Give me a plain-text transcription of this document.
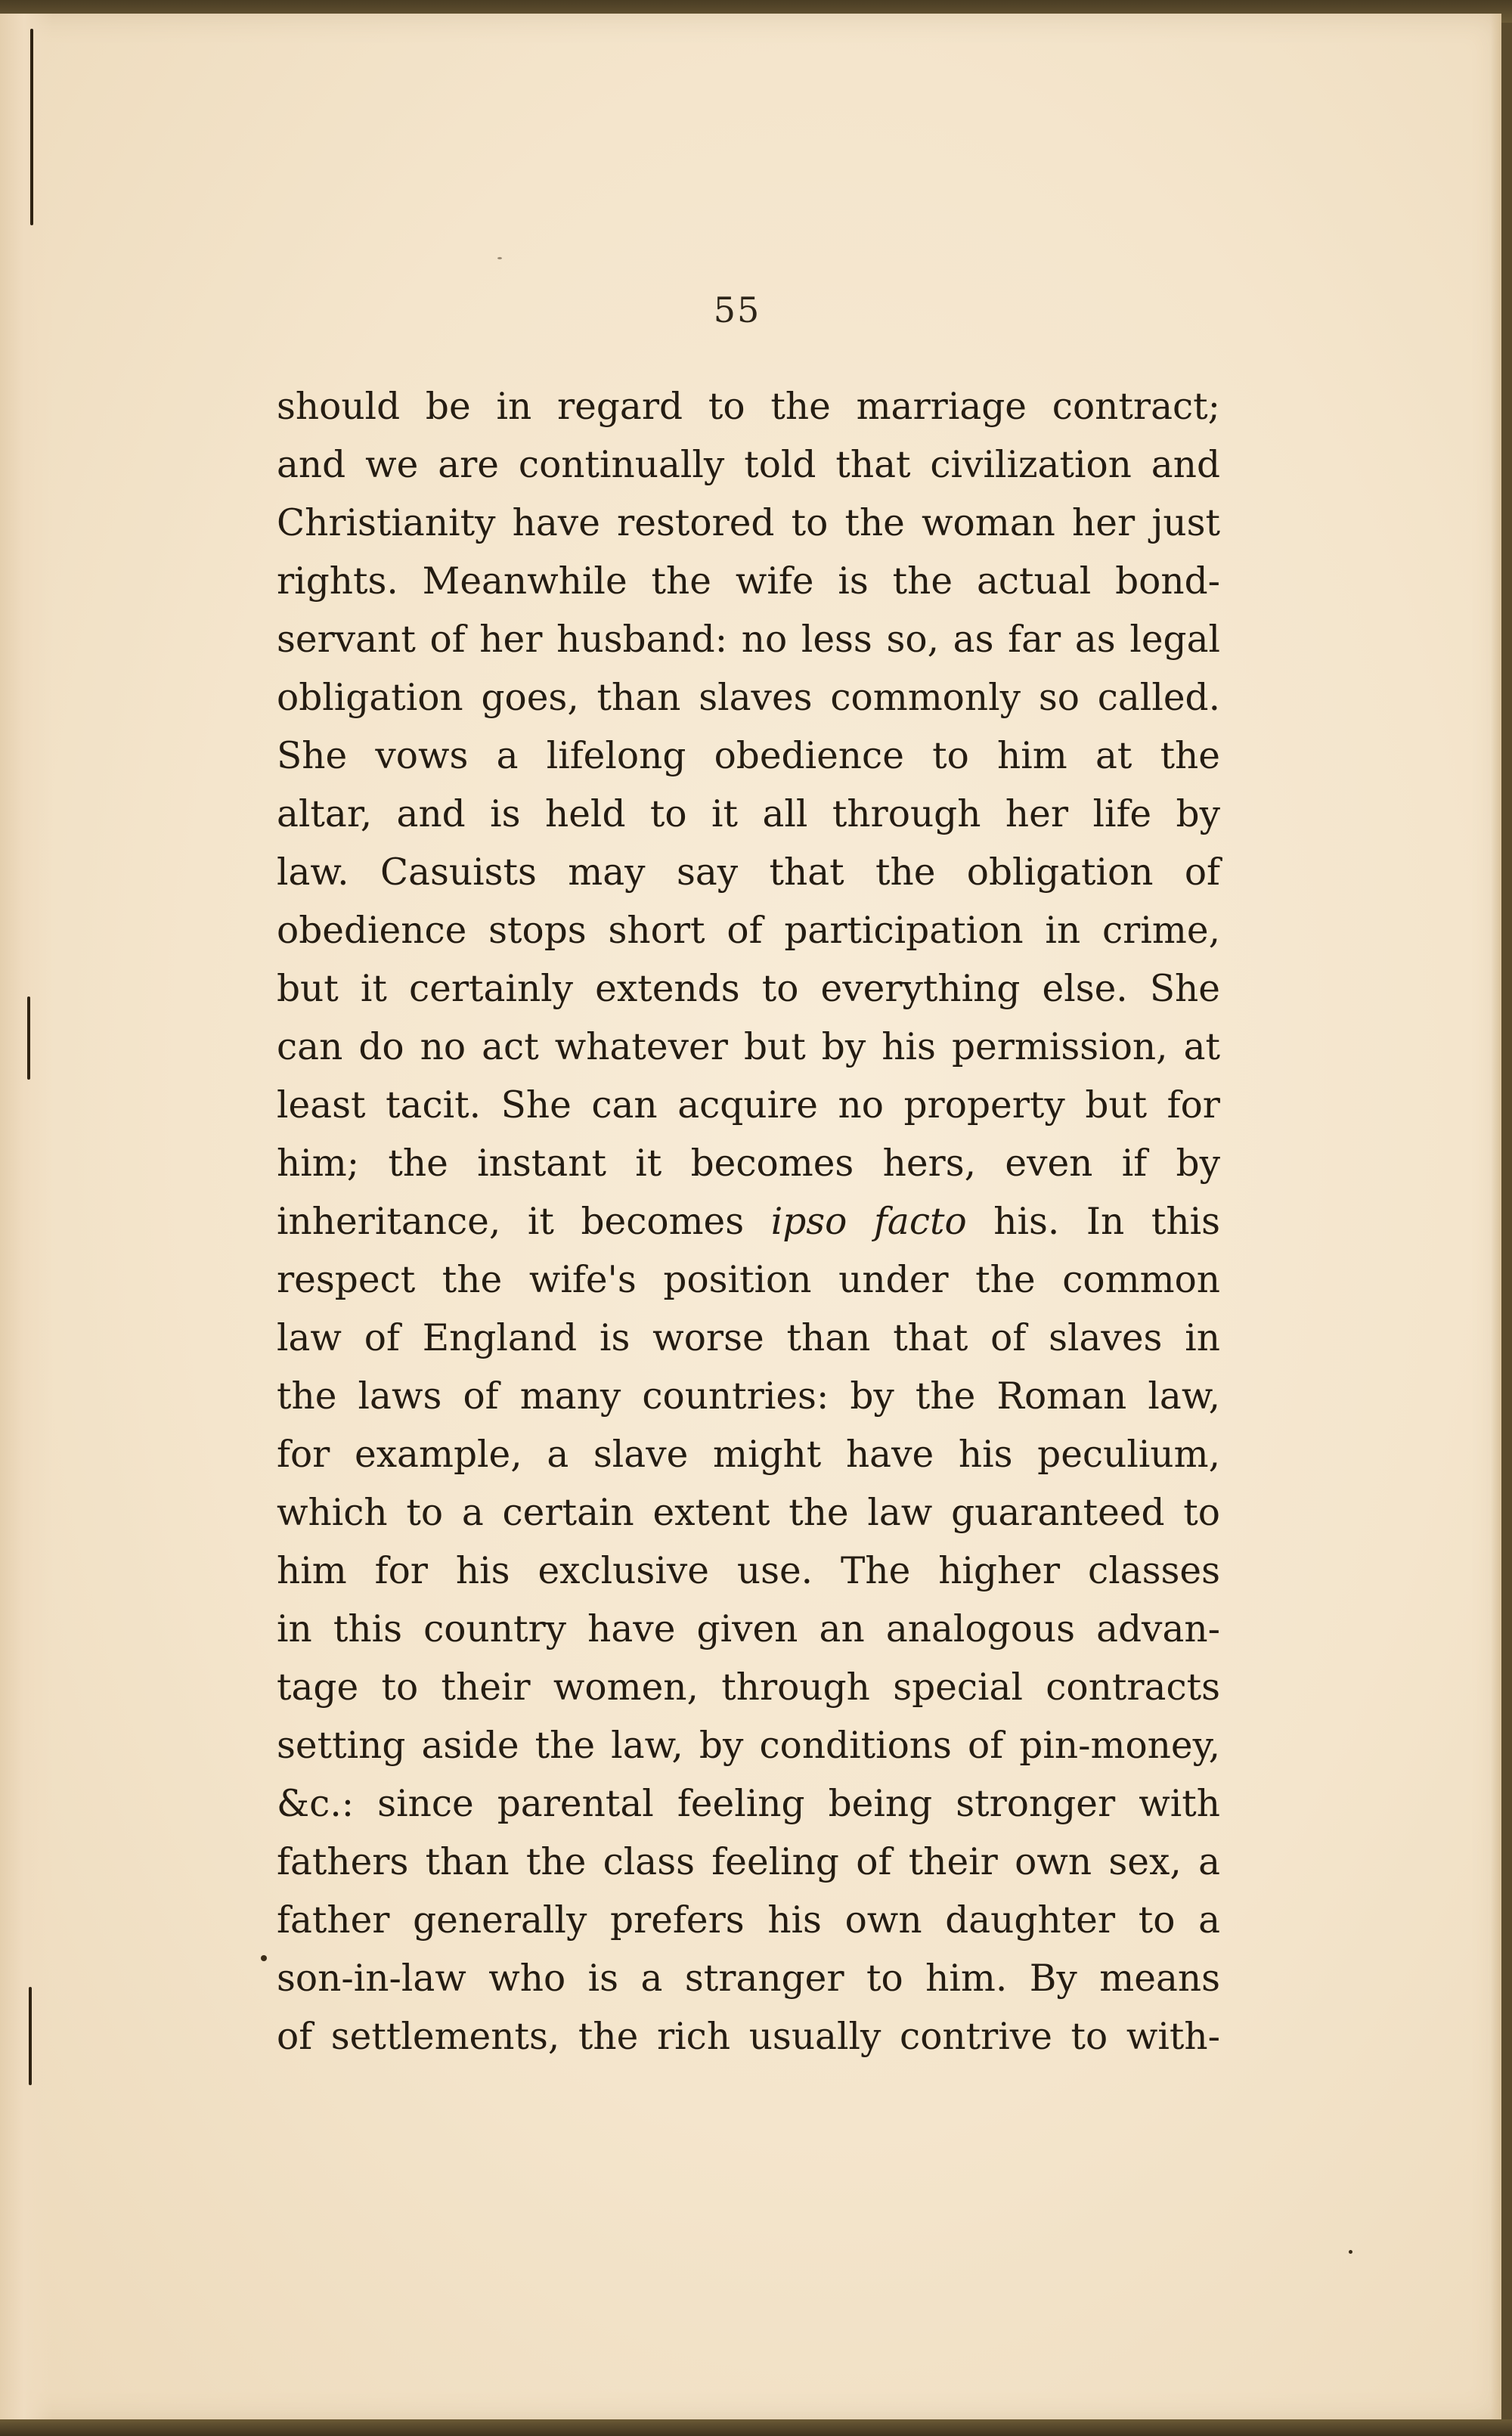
55
should be in regard to the marriage contract;
and we are continually told that civilization and
Christianity have restored to the woman her just
rights. Meanwhile the wife is the actual bond-
servant of her husband: no less so, as far as legal
obligation goes, than slaves commonly so called.
She vows a lifelong obedience to him at the
altar, and is held to it all through her life by
law. Casuists may say that the obligation of
obedience stops short of participation in crime,
but it certainly extends to everything else. She
can do no act whatever but by his permission, at
least tacit. She can acquire no property but for
him; the instant it becomes hers, even if by
inheritance, it becomes ipso facto his. In this
respect the wife's position under the common
law of England is worse than that of slaves in
the laws of many countries: by the Roman law,
for example, a slave might have his peculium,
which to a certain extent the law guaranteed to
him for his exclusive use. The higher classes
in this country have given an analogous advan-
tage to their women, through special contracts
setting aside the law, by conditions of pin-money,
&c.: since parental feeling being stronger with
fathers than the class feeling of their own sex, a
father generally prefers his own daughter to a
son-in-law who is a stranger to him. By means
of settlements, the rich usually contrive to with-
